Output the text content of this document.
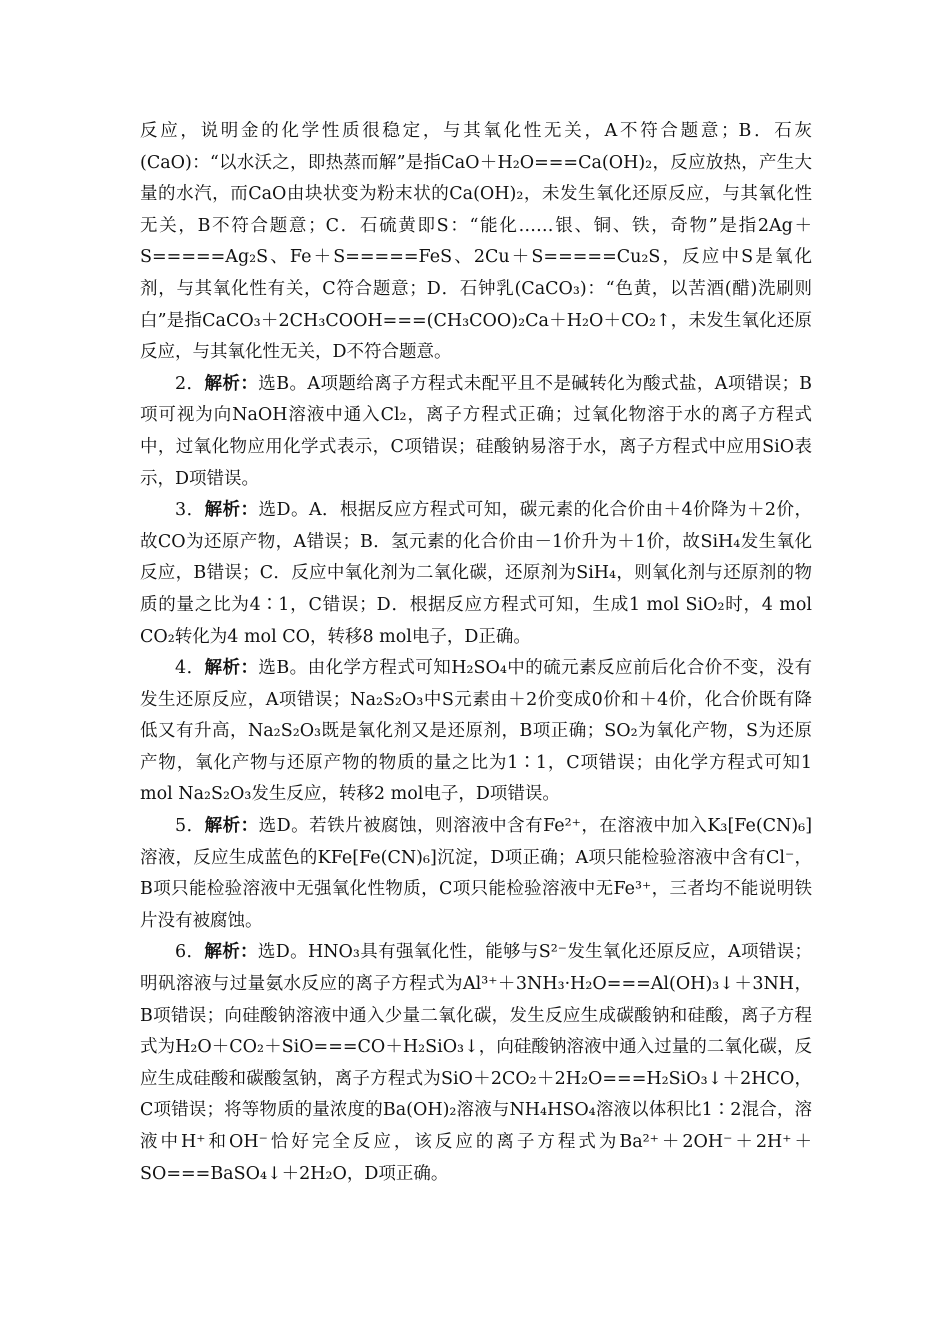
反应，说明金的化学性质很稳定，与其氧化性无关，A不符合题意；B．石灰(CaO)：“以水沃之，即热蒸而解”是指CaO＋H₂O===Ca(OH)₂，反应放热，产生大量的水汽，而CaO由块状变为粉末状的Ca(OH)₂，未发生氧化还原反应，与其氧化性无关，B不符合题意；C．石硫黄即S：“能化……银、铜、铁，奇物”是指2Ag＋S=====Ag₂S、Fe＋S=====FeS、2Cu＋S=====Cu₂S，反应中S是氧化剂，与其氧化性有关，C符合题意；D．石钟乳(CaCO₃)：“色黄，以苦酒(醋)洗刷则白”是指CaCO₃＋2CH₃COOH===(CH₃COO)₂Ca＋H₂O＋CO₂↑，未发生氧化还原反应，与其氧化性无关，D不符合题意。

2．解析：选B。A项题给离子方程式未配平且不是碱转化为酸式盐，A项错误；B项可视为向NaOH溶液中通入Cl₂，离子方程式正确；过氧化物溶于水的离子方程式中，过氧化物应用化学式表示，C项错误；硅酸钠易溶于水，离子方程式中应用SiO表示，D项错误。

3．解析：选D。A．根据反应方程式可知，碳元素的化合价由＋4价降为＋2价，故CO为还原产物，A错误；B．氢元素的化合价由－1价升为＋1价，故SiH₄发生氧化反应，B错误；C．反应中氧化剂为二氧化碳，还原剂为SiH₄，则氧化剂与还原剂的物质的量之比为4∶1，C错误；D．根据反应方程式可知，生成1 mol SiO₂时，4 mol CO₂转化为4 mol CO，转移8 mol电子，D正确。

4．解析：选B。由化学方程式可知H₂SO₄中的硫元素反应前后化合价不变，没有发生还原反应，A项错误；Na₂S₂O₃中S元素由＋2价变成0价和＋4价，化合价既有降低又有升高，Na₂S₂O₃既是氧化剂又是还原剂，B项正确；SO₂为氧化产物，S为还原产物，氧化产物与还原产物的物质的量之比为1∶1，C项错误；由化学方程式可知1 mol Na₂S₂O₃发生反应，转移2 mol电子，D项错误。

5．解析：选D。若铁片被腐蚀，则溶液中含有Fe²⁺，在溶液中加入K₃[Fe(CN)₆]溶液，反应生成蓝色的KFe[Fe(CN)₆]沉淀，D项正确；A项只能检验溶液中含有Cl⁻，B项只能检验溶液中无强氧化性物质，C项只能检验溶液中无Fe³⁺，三者均不能说明铁片没有被腐蚀。

6．解析：选D。HNO₃具有强氧化性，能够与S²⁻发生氧化还原反应，A项错误；明矾溶液与过量氨水反应的离子方程式为Al³⁺＋3NH₃·H₂O===Al(OH)₃↓＋3NH，B项错误；向硅酸钠溶液中通入少量二氧化碳，发生反应生成碳酸钠和硅酸，离子方程式为H₂O＋CO₂＋SiO===CO＋H₂SiO₃↓，向硅酸钠溶液中通入过量的二氧化碳，反应生成硅酸和碳酸氢钠，离子方程式为SiO＋2CO₂＋2H₂O===H₂SiO₃↓＋2HCO，C项错误；将等物质的量浓度的Ba(OH)₂溶液与NH₄HSO₄溶液以体积比1∶2混合，溶液中H⁺和OH⁻恰好完全反应，该反应的离子方程式为Ba²⁺＋2OH⁻＋2H⁺＋SO===BaSO₄↓＋2H₂O，D项正确。
